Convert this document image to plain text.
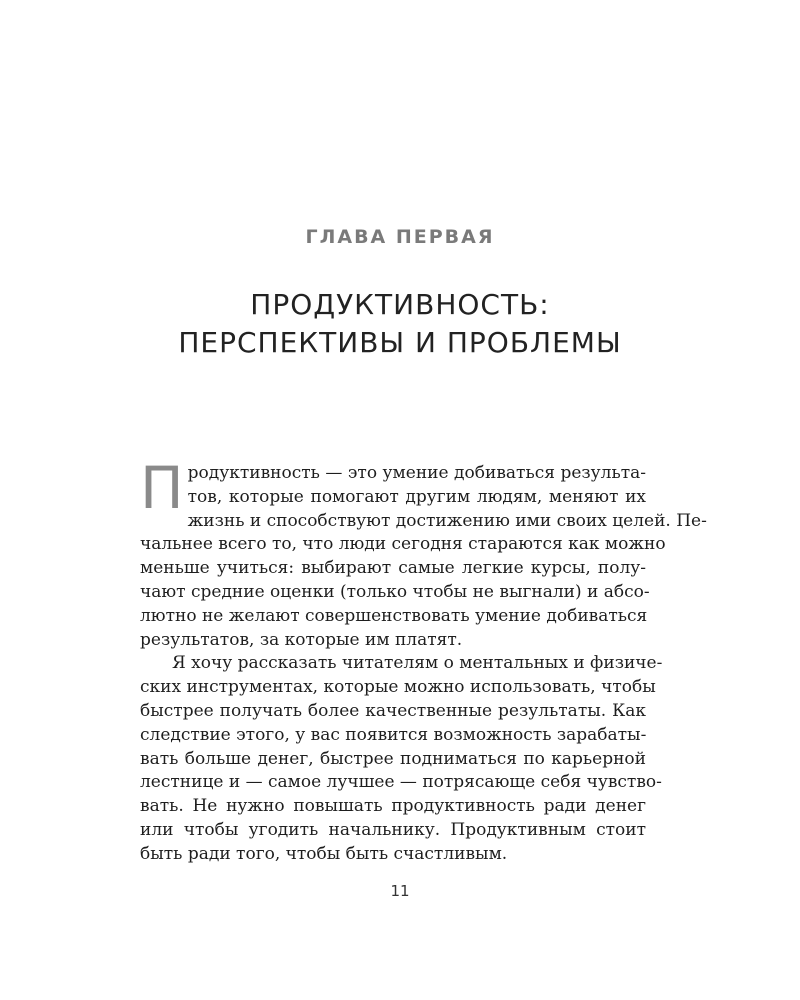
ГЛАВА ПЕРВАЯ
ПРОДУКТИВНОСТЬ:
ПЕРСПЕКТИВЫ И ПРОБЛЕМЫ
П родуктивность — это умение добиваться результа-
тов, которые помогают другим людям, меняют их
жизнь и способствуют достижению ими своих целей. Пе-
чальнее всего то, что люди сегодня стараются как можно
меньше учиться: выбирают самые легкие курсы, полу-
чают средние оценки (только чтобы не выгнали) и абсо-
лютно не желают совершенствовать умение добиваться
результатов, за которые им платят.
Я хочу рассказать читателям о ментальных и физиче-
ских инструментах, которые можно использовать, чтобы
быстрее получать более качественные результаты. Как
следствие этого, у вас появится возможность зарабаты-
вать больше денег, быстрее подниматься по карьерной
лестнице и — самое лучшее — потрясающе себя чувство-
вать. Не нужно повышать продуктивность ради денег
или чтобы угодить начальнику. Продуктивным стоит
быть ради того, чтобы быть счастливым.
11
